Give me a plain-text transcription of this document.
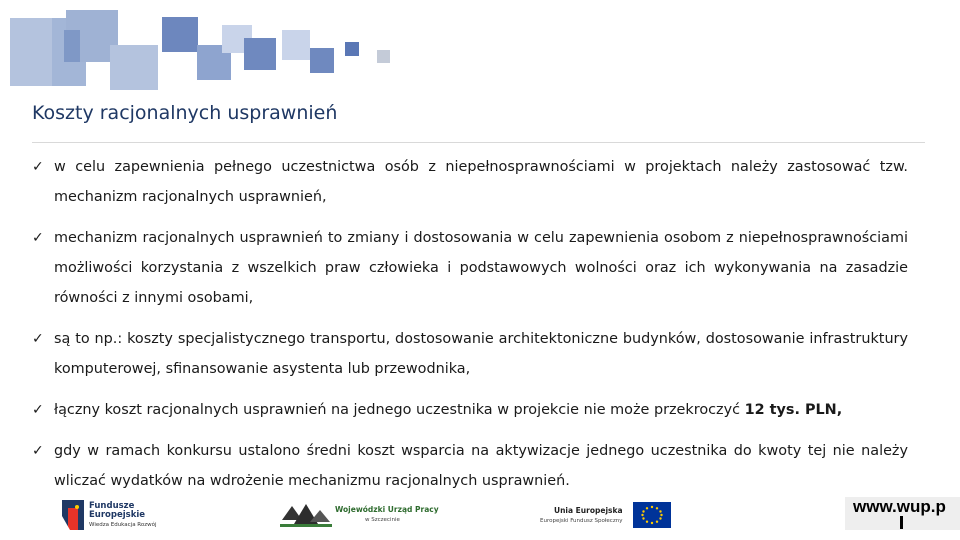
Koszty racjonalnych usprawnień
✓ w celu zapewnienia pełnego uczestnictwa osób z niepełnosprawnościami w projektach należy zastosować tzw. mechanizm racjonalnych usprawnień,
✓ mechanizm racjonalnych usprawnień to zmiany i dostosowania w celu zapewnienia osobom z niepełnosprawnościami możliwości korzystania z wszelkich praw człowieka i podstawowych wolności oraz ich wykonywania na zasadzie równości z innymi osobami,
✓ są to np.: koszty specjalistycznego transportu, dostosowanie architektoniczne budynków, dostosowanie infrastruktury komputerowej, sfinansowanie asystenta lub przewodnika,
✓ łączny koszt racjonalnych usprawnień na jednego uczestnika w projekcie nie może przekroczyć 12 tys. PLN,
✓ gdy w ramach konkursu ustalono średni koszt wsparcia na aktywizacje jednego uczestnika do kwoty tej nie należy wliczać wydatków na wdrożenie mechanizmu racjonalnych usprawnień.
Fundusze Europejskie
Wiedza Edukacja Rozwój
Wojewódzki Urząd Pracy
w Szczecinie
Unia Europejska
Europejski Fundusz Społeczny
www.wup.p
